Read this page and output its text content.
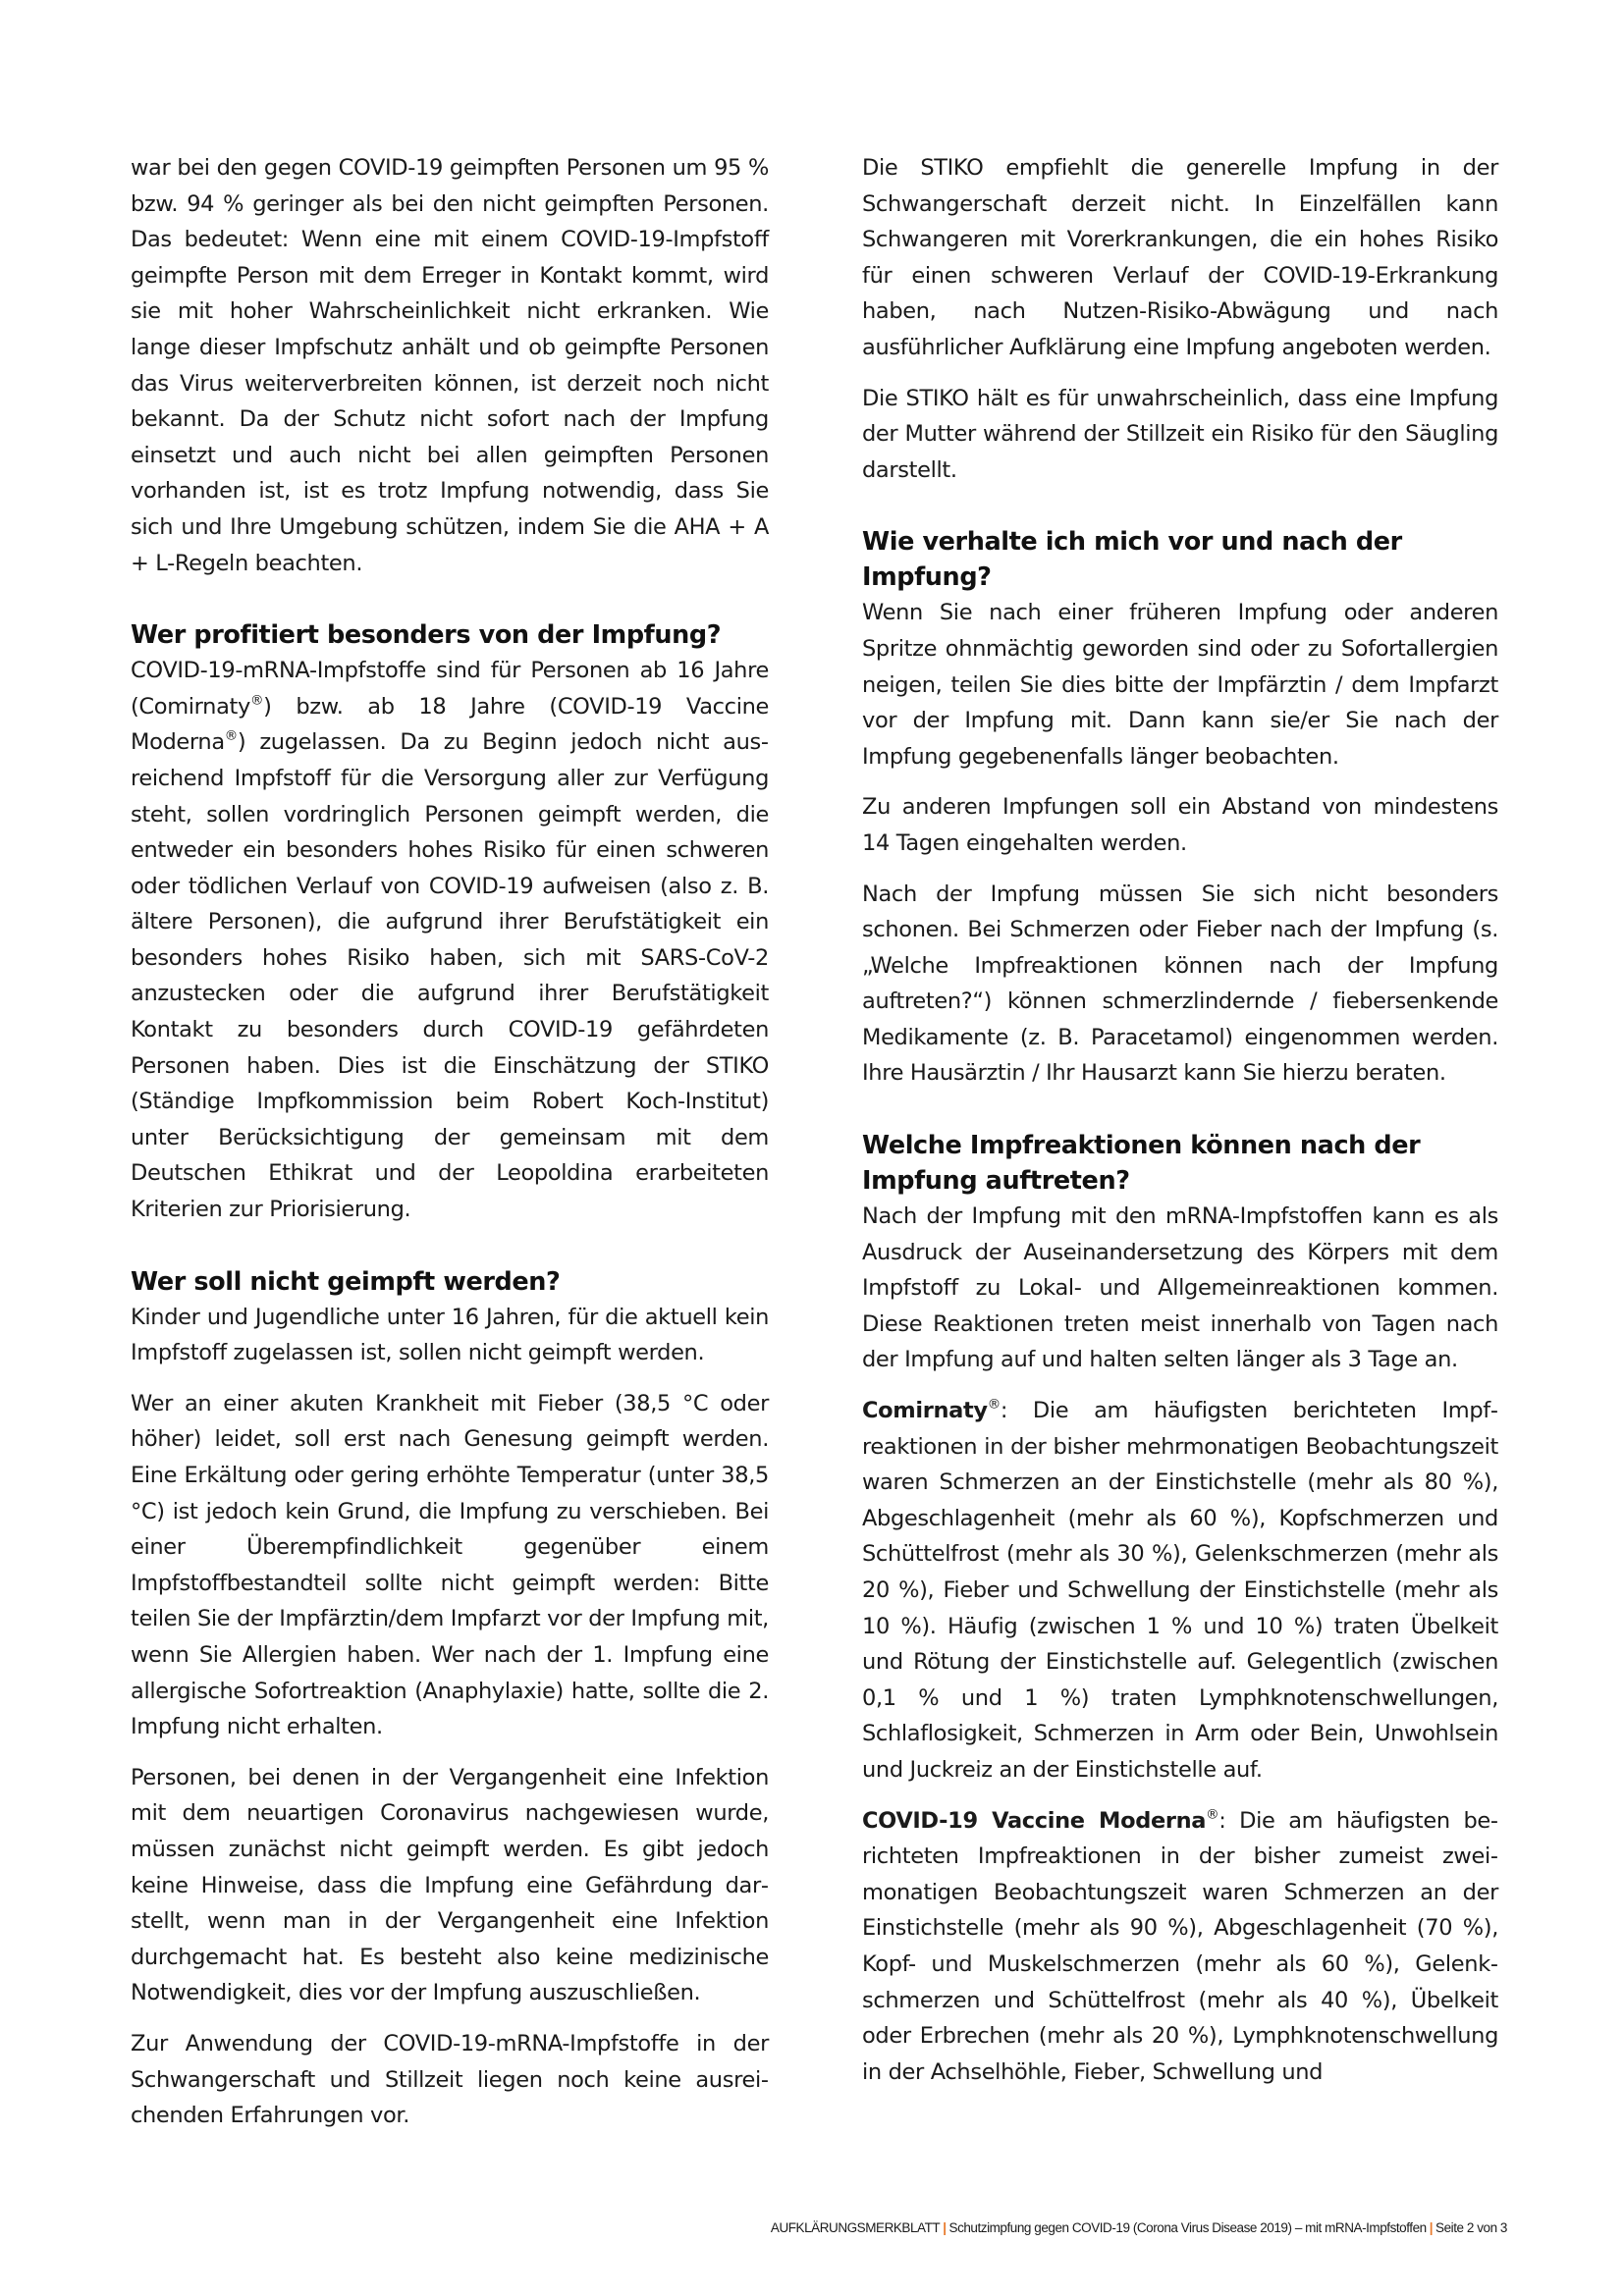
war bei den gegen COVID-19 geimpften Personen um 95 % bzw. 94 % geringer als bei den nicht geimpften Personen. Das bedeutet: Wenn eine mit einem COVID-19-Impfstoff geimpfte Person mit dem Erreger in Kontakt kommt, wird sie mit hoher Wahrscheinlichkeit nicht erkranken. Wie lange dieser Impfschutz anhält und ob geimpfte Personen das Virus weiterverbreiten können, ist derzeit noch nicht bekannt. Da der Schutz nicht sofort nach der Impfung einsetzt und auch nicht bei allen geimpften Personen vorhanden ist, ist es trotz Impfung notwendig, dass Sie sich und Ihre Umgebung schützen, indem Sie die AHA + A + L-Regeln beachten.

Wer profitiert besonders von der Impfung?

COVID-19-mRNA-Impfstoffe sind für Personen ab 16 Jahre (Comirnaty®) bzw. ab 18 Jahre (COVID-19 Vaccine Moderna®) zugelassen. Da zu Beginn jedoch nicht ausreichend Impfstoff für die Versorgung aller zur Verfügung steht, sollen vordringlich Personen geimpft werden, die entweder ein besonders hohes Risiko für einen schweren oder tödlichen Verlauf von COVID-19 aufweisen (also z. B. ältere Personen), die aufgrund ihrer Berufstätigkeit ein besonders hohes Risiko haben, sich mit SARS-CoV-2 anzustecken oder die aufgrund ihrer Berufstätigkeit Kontakt zu besonders durch COVID-19 gefährdeten Personen haben. Dies ist die Einschätzung der STIKO (Ständige Impfkommission beim Robert Koch-Institut) unter Berücksichtigung der gemeinsam mit dem Deutschen Ethikrat und der Leopoldina erarbeiteten Kriterien zur Priorisierung.

Wer soll nicht geimpft werden?

Kinder und Jugendliche unter 16 Jahren, für die aktuell kein Impfstoff zugelassen ist, sollen nicht geimpft werden.

Wer an einer akuten Krankheit mit Fieber (38,5 °C oder höher) leidet, soll erst nach Genesung geimpft werden. Eine Erkältung oder gering erhöhte Temperatur (unter 38,5 °C) ist jedoch kein Grund, die Impfung zu verschieben. Bei einer Überempfindlichkeit gegenüber einem Impfstoffbestandteil sollte nicht geimpft werden: Bitte teilen Sie der Impfärztin/dem Impfarzt vor der Impfung mit, wenn Sie Allergien haben. Wer nach der 1. Impfung eine allergische Sofortreaktion (Anaphylaxie) hatte, sollte die 2. Impfung nicht erhalten.

Personen, bei denen in der Vergangenheit eine Infektion mit dem neuartigen Coronavirus nachgewiesen wurde, müssen zunächst nicht geimpft werden. Es gibt jedoch keine Hinweise, dass die Impfung eine Gefährdung darstellt, wenn man in der Vergangenheit eine Infektion durchgemacht hat. Es besteht also keine medizinische Notwendigkeit, dies vor der Impfung auszuschließen.

Zur Anwendung der COVID-19-mRNA-Impfstoffe in der Schwangerschaft und Stillzeit liegen noch keine ausreichenden Erfahrungen vor.

Die STIKO empfiehlt die generelle Impfung in der Schwangerschaft derzeit nicht. In Einzelfällen kann Schwangeren mit Vorerkrankungen, die ein hohes Risiko für einen schweren Verlauf der COVID-19-Erkrankung haben, nach Nutzen-Risiko-Abwägung und nach ausführlicher Aufklärung eine Impfung angeboten werden.

Die STIKO hält es für unwahrscheinlich, dass eine Impfung der Mutter während der Stillzeit ein Risiko für den Säugling darstellt.

Wie verhalte ich mich vor und nach der Impfung?

Wenn Sie nach einer früheren Impfung oder anderen Spritze ohnmächtig geworden sind oder zu Sofortallergien neigen, teilen Sie dies bitte der Impfärztin / dem Impfarzt vor der Impfung mit. Dann kann sie/er Sie nach der Impfung gegebenenfalls länger beobachten.

Zu anderen Impfungen soll ein Abstand von mindestens 14 Tagen eingehalten werden.

Nach der Impfung müssen Sie sich nicht besonders schonen. Bei Schmerzen oder Fieber nach der Impfung (s. „Welche Impfreaktionen können nach der Impfung auftreten?“) können schmerzlindernde / fiebersenkende Medikamente (z. B. Paracetamol) eingenommen werden. Ihre Hausärztin / Ihr Hausarzt kann Sie hierzu beraten.

Welche Impfreaktionen können nach der Impfung auftreten?

Nach der Impfung mit den mRNA-Impfstoffen kann es als Ausdruck der Auseinandersetzung des Körpers mit dem Impfstoff zu Lokal- und Allgemeinreaktionen kommen. Diese Reaktionen treten meist innerhalb von Tagen nach der Impfung auf und halten selten länger als 3 Tage an.

Comirnaty®: Die am häufigsten berichteten Impfreaktionen in der bisher mehrmonatigen Beobachtungszeit waren Schmerzen an der Einstichstelle (mehr als 80 %), Abgeschlagenheit (mehr als 60 %), Kopfschmerzen und Schüttelfrost (mehr als 30 %), Gelenkschmerzen (mehr als 20 %), Fieber und Schwellung der Einstichstelle (mehr als 10 %). Häufig (zwischen 1 % und 10 %) traten Übelkeit und Rötung der Einstichstelle auf. Gelegentlich (zwischen 0,1 % und 1 %) traten Lymphknotenschwellungen, Schlaflosigkeit, Schmerzen in Arm oder Bein, Unwohlsein und Juckreiz an der Einstichstelle auf.

COVID-19 Vaccine Moderna®: Die am häufigsten berichteten Impfreaktionen in der bisher zumeist zweimonatigen Beobachtungszeit waren Schmerzen an der Einstichstelle (mehr als 90 %), Abgeschlagenheit (70 %), Kopf- und Muskelschmerzen (mehr als 60 %), Gelenkschmerzen und Schüttelfrost (mehr als 40 %), Übelkeit oder Erbrechen (mehr als 20 %), Lymphknotenschwellung in der Achselhöhle, Fieber, Schwellung und

AUFKLÄRUNGSMERKBLATT | Schutzimpfung gegen COVID-19 (Corona Virus Disease 2019) – mit mRNA-Impfstoffen | Seite 2 von 3
